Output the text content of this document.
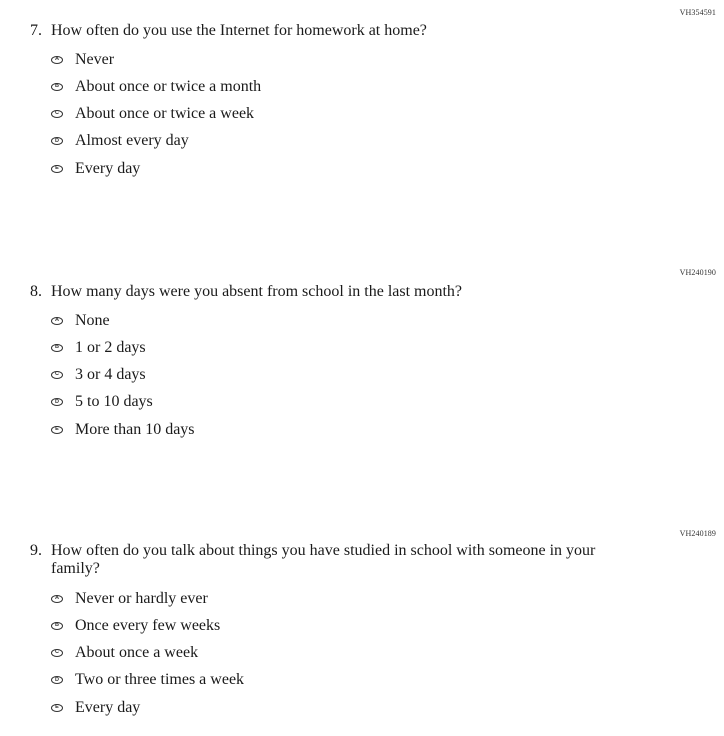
VH354591
7. How often do you use the Internet for homework at home?
A Never
B About once or twice a month
C About once or twice a week
D Almost every day
E Every day
VH240190
8. How many days were you absent from school in the last month?
A None
B 1 or 2 days
C 3 or 4 days
D 5 to 10 days
E More than 10 days
VH240189
9. How often do you talk about things you have studied in school with someone in your family?
A Never or hardly ever
B Once every few weeks
C About once a week
D Two or three times a week
E Every day
